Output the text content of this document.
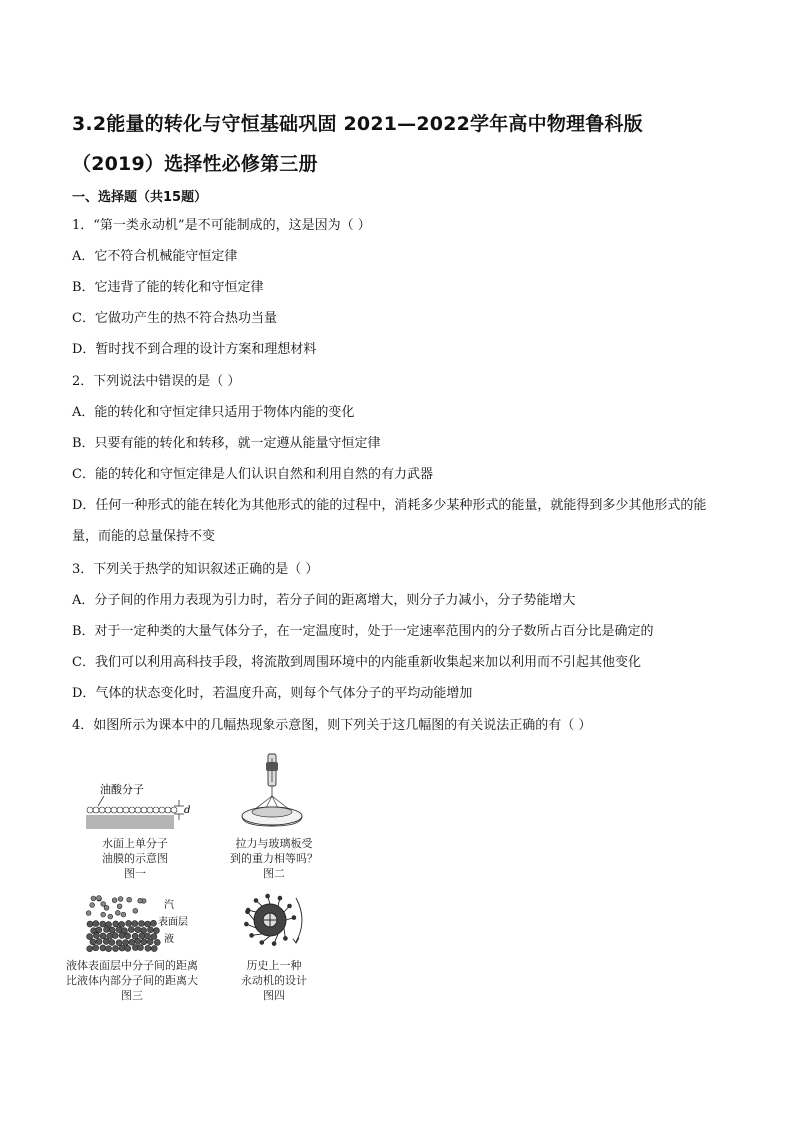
3.2能量的转化与守恒基础巩固 2021—2022学年高中物理鲁科版
（2019）选择性必修第三册
一、选择题（共15题）

1．“第一类永动机”是不可能制成的，这是因为（ ）

A．它不符合机械能守恒定律

B．它违背了能的转化和守恒定律

C．它做功产生的热不符合热功当量

D．暂时找不到合理的设计方案和理想材料

2．下列说法中错误的是（ ）

A．能的转化和守恒定律只适用于物体内能的变化

B．只要有能的转化和转移，就一定遵从能量守恒定律

C．能的转化和守恒定律是人们认识自然和利用自然的有力武器

D．任何一种形式的能在转化为其他形式的能的过程中，消耗多少某种形式的能量，就能得到多少其他形式的能量，而能的总量保持不变

3．下列关于热学的知识叙述正确的是（ ）

A．分子间的作用力表现为引力时，若分子间的距离增大，则分子力减小，分子势能增大

B．对于一定种类的大量气体分子，在一定温度时，处于一定速率范围内的分子数所占百分比是确定的

C．我们可以利用高科技手段，将流散到周围环境中的内能重新收集起来加以利用而不引起其他变化

D．气体的状态变化时，若温度升高，则每个气体分子的平均动能增加

4．如图所示为课本中的几幅热现象示意图，则下列关于这几幅图的有关说法正确的有（ ）

油酸分子
d
水面上单分子
油膜的示意图
图一
拉力与玻璃板受
到的重力相等吗？
图二
汽
表面层
液
液体表面层中分子间的距离
比液体内部分子间的距离大
图三
历史上一种
永动机的设计
图四
